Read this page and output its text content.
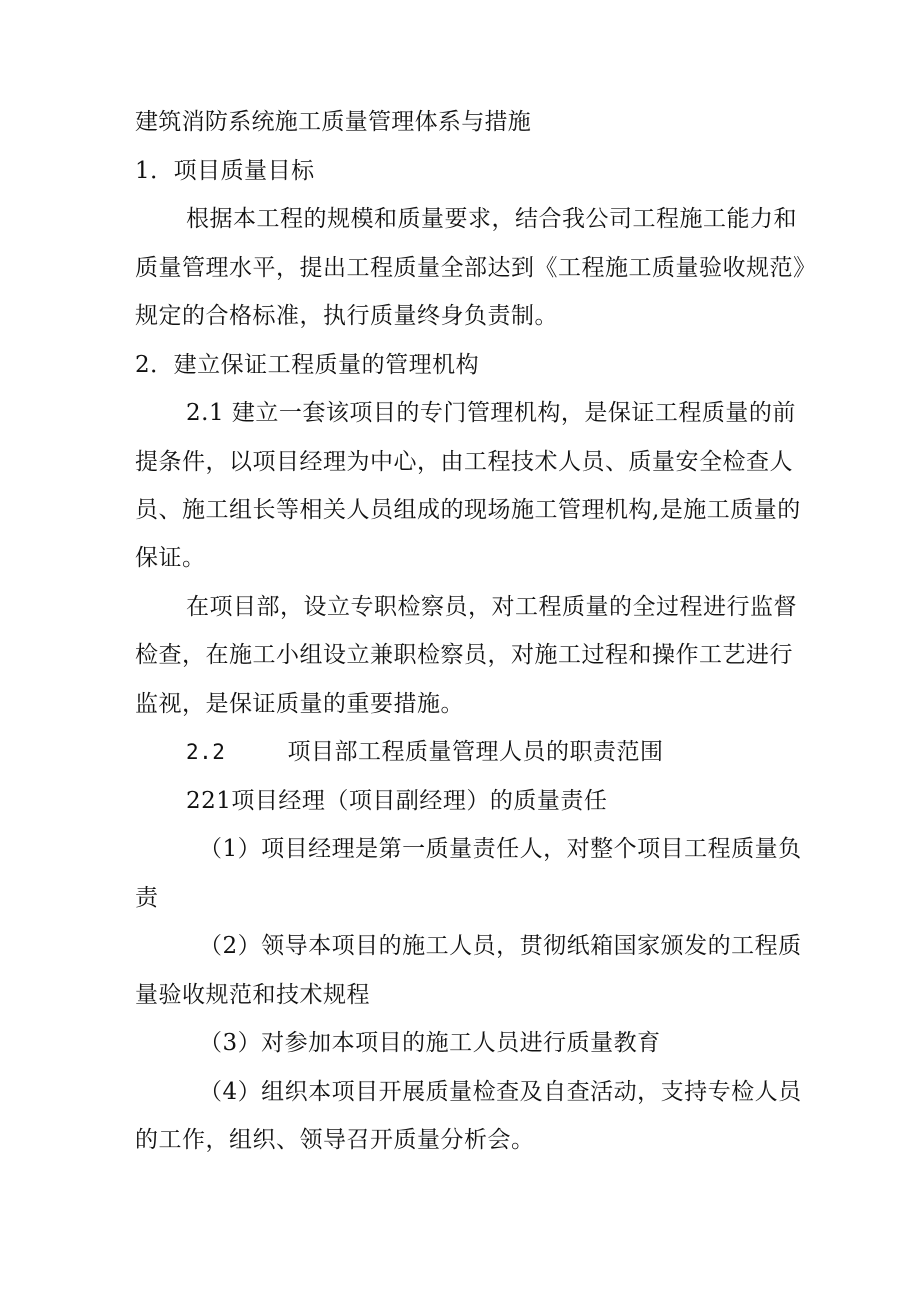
建筑消防系统施工质量管理体系与措施
1．项目质量目标
根据本工程的规模和质量要求，结合我公司工程施工能力和
质量管理水平，提出工程质量全部达到《工程施工质量验收规范》
规定的合格标准，执行质量终身负责制。
2．建立保证工程质量的管理机构
2.1 建立一套该项目的专门管理机构，是保证工程质量的前
提条件，以项目经理为中心，由工程技术人员、质量安全检查人
员、施工组长等相关人员组成的现场施工管理机构,是施工质量的
保证。
在项目部，设立专职检察员，对工程质量的全过程进行监督
检查，在施工小组设立兼职检察员，对施工过程和操作工艺进行
监视，是保证质量的重要措施。
2.2	项目部工程质量管理人员的职责范围
221项目经理（项目副经理）的质量责任
（1）项目经理是第一质量责任人，对整个项目工程质量负
责
（2）领导本项目的施工人员，贯彻纸箱国家颁发的工程质
量验收规范和技术规程
（3）对参加本项目的施工人员进行质量教育
（4）组织本项目开展质量检查及自查活动，支持专检人员
的工作，组织、领导召开质量分析会。
